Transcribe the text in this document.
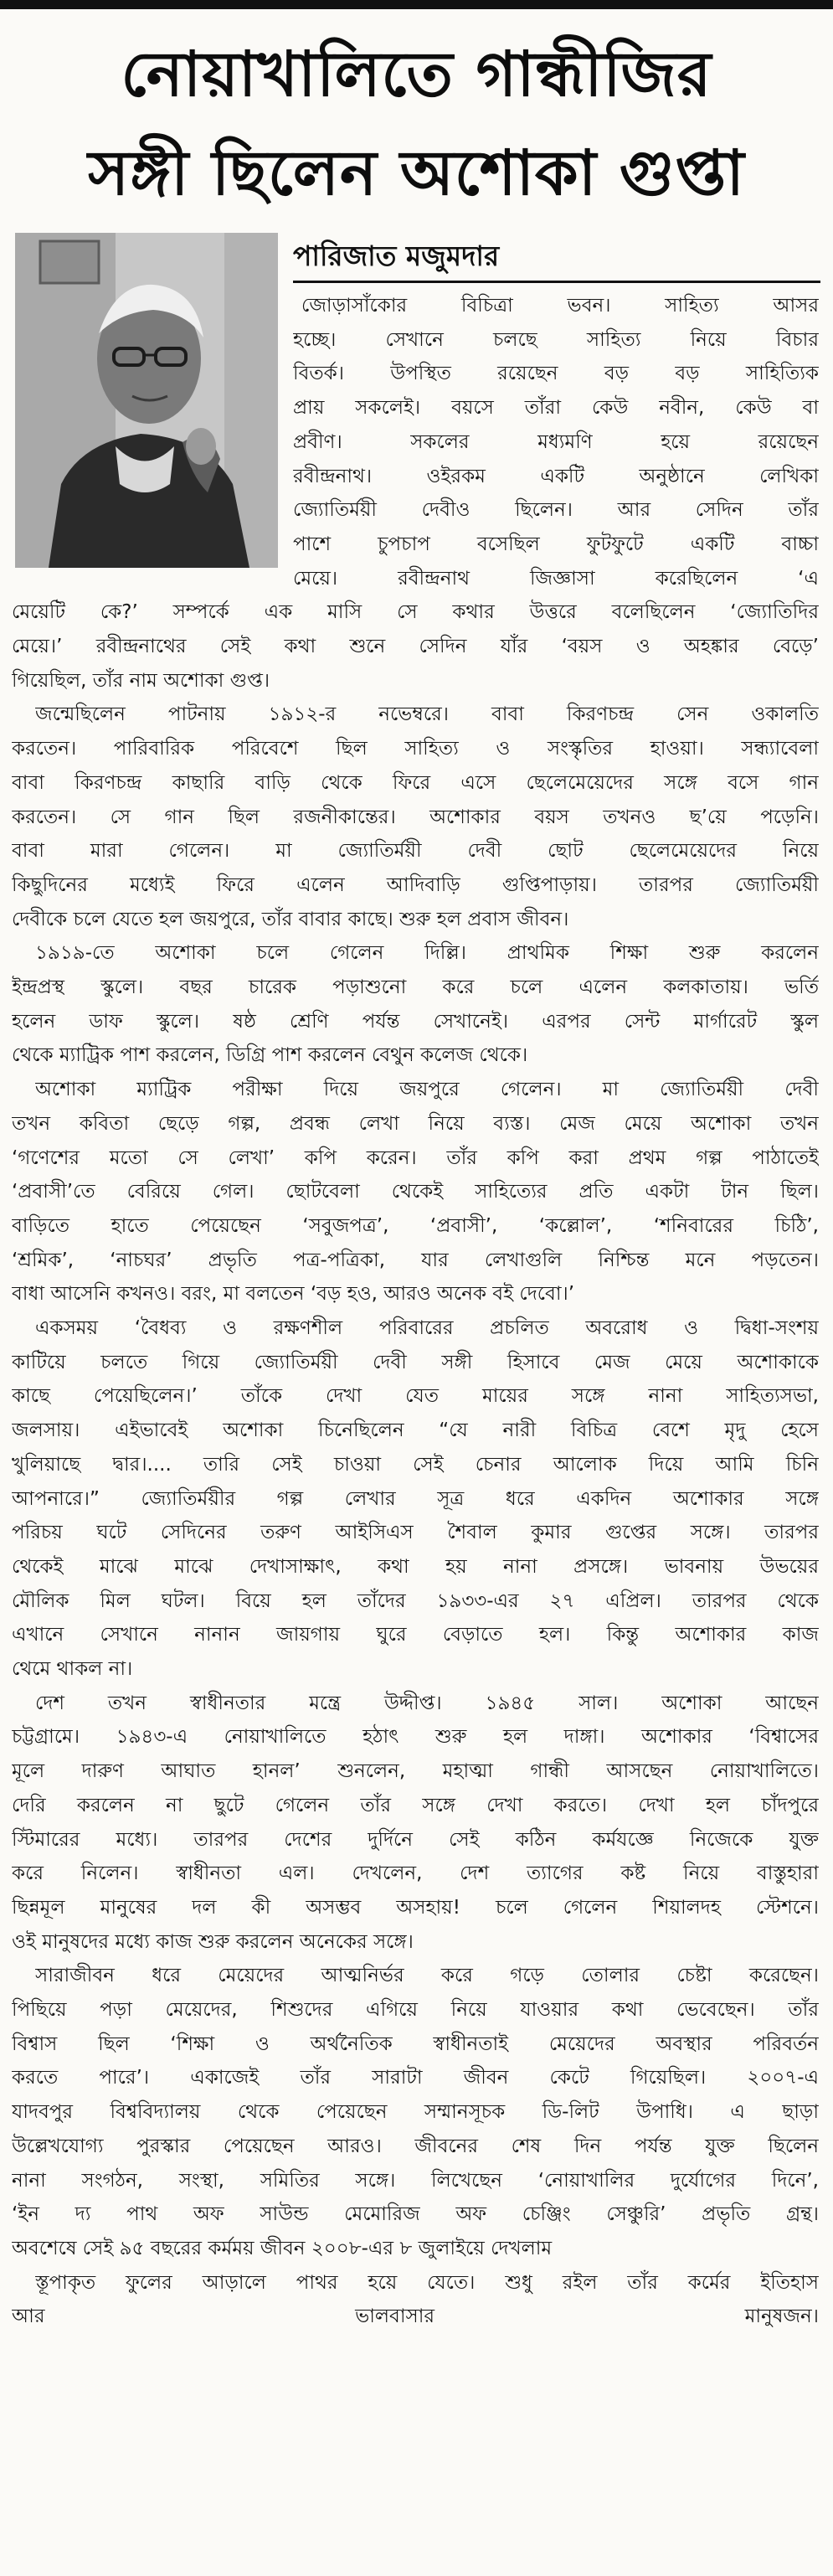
নোয়াখালিতে গান্ধীজির
সঙ্গী ছিলেন অশোকা গুপ্তা
পারিজাত মজুমদার
জোড়াসাঁকোর বিচিত্রা ভবন। সাহিত্য আসর
হচ্ছে। সেখানে চলছে সাহিত্য নিয়ে বিচার
বিতর্ক। উপস্থিত রয়েছেন বড় বড় সাহিত্যিক
প্রায় সকলেই। বয়সে তাঁরা কেউ নবীন, কেউ বা
প্রবীণ। সকলের মধ্যমণি হয়ে রয়েছেন
রবীন্দ্রনাথ। ওইরকম একটি অনুষ্ঠানে লেখিকা
জ্যোতির্ময়ী দেবীও ছিলেন। আর সেদিন তাঁর
পাশে চুপচাপ বসেছিল ফুটফুটে একটি বাচ্চা
মেয়ে। রবীন্দ্রনাথ জিজ্ঞাসা করেছিলেন ‘এ
মেয়েটি কে?’ সম্পর্কে এক মাসি সে কথার উত্তরে বলেছিলেন ‘জ্যোতিদির
মেয়ে।’ রবীন্দ্রনাথের সেই কথা শুনে সেদিন যাঁর ‘বয়স ও অহঙ্কার বেড়ে’
গিয়েছিল, তাঁর নাম অশোকা গুপ্ত।
জন্মেছিলেন পাটনায় ১৯১২-র নভেম্বরে। বাবা কিরণচন্দ্র সেন ওকালতি
করতেন। পারিবারিক পরিবেশে ছিল সাহিত্য ও সংস্কৃতির হাওয়া। সন্ধ্যাবেলা
বাবা কিরণচন্দ্র কাছারি বাড়ি থেকে ফিরে এসে ছেলেমেয়েদের সঙ্গে বসে গান
করতেন। সে গান ছিল রজনীকান্তের। অশোকার বয়স তখনও ছ’য়ে পড়েনি।
বাবা মারা গেলেন। মা জ্যোতির্ময়ী দেবী ছোট ছেলেমেয়েদের নিয়ে
কিছুদিনের মধ্যেই ফিরে এলেন আদিবাড়ি গুপ্তিপাড়ায়। তারপর জ্যোতির্ময়ী
দেবীকে চলে যেতে হল জয়পুরে, তাঁর বাবার কাছে। শুরু হল প্রবাস জীবন।
১৯১৯-তে অশোকা চলে গেলেন দিল্লি। প্রাথমিক শিক্ষা শুরু করলেন
ইন্দ্রপ্রস্থ স্কুলে। বছর চারেক পড়াশুনো করে চলে এলেন কলকাতায়। ভর্তি
হলেন ডাফ স্কুলে। ষষ্ঠ শ্রেণি পর্যন্ত সেখানেই। এরপর সেন্ট মার্গারেট স্কুল
থেকে ম্যাট্রিক পাশ করলেন, ডিগ্রি পাশ করলেন বেথুন কলেজ থেকে।
অশোকা ম্যাট্রিক পরীক্ষা দিয়ে জয়পুরে গেলেন। মা জ্যোতির্ময়ী দেবী
তখন কবিতা ছেড়ে গল্প, প্রবন্ধ লেখা নিয়ে ব্যস্ত। মেজ মেয়ে অশোকা তখন
‘গণেশের মতো সে লেখা’ কপি করেন। তাঁর কপি করা প্রথম গল্প পাঠাতেই
‘প্রবাসী’তে বেরিয়ে গেল। ছোটবেলা থেকেই সাহিত্যের প্রতি একটা টান ছিল।
বাড়িতে হাতে পেয়েছেন ‘সবুজপত্র’, ‘প্রবাসী’, ‘কল্লোল’, ‘শনিবারের চিঠি’,
‘শ্রমিক’, ‘নাচঘর’ প্রভৃতি পত্র-পত্রিকা, যার লেখাগুলি নিশ্চিন্ত মনে পড়তেন।
বাধা আসেনি কখনও। বরং, মা বলতেন ‘বড় হও, আরও অনেক বই দেবো।’
একসময় ‘বৈধব্য ও রক্ষণশীল পরিবারের প্রচলিত অবরোধ ও দ্বিধা-সংশয়
কাটিয়ে চলতে গিয়ে জ্যোতির্ময়ী দেবী সঙ্গী হিসাবে মেজ মেয়ে অশোকাকে
কাছে পেয়েছিলেন।’ তাঁকে দেখা যেত মায়ের সঙ্গে নানা সাহিত্যসভা,
জলসায়। এইভাবেই অশোকা চিনেছিলেন “যে নারী বিচিত্র বেশে মৃদু হেসে
খুলিয়াছে দ্বার।.... তারি সেই চাওয়া সেই চেনার আলোক দিয়ে আমি চিনি
আপনারে।” জ্যোতির্ময়ীর গল্প লেখার সূত্র ধরে একদিন অশোকার সঙ্গে
পরিচয় ঘটে সেদিনের তরুণ আইসিএস শৈবাল কুমার গুপ্তের সঙ্গে। তারপর
থেকেই মাঝে মাঝে দেখাসাক্ষাৎ, কথা হয় নানা প্রসঙ্গে। ভাবনায় উভয়ের
মৌলিক মিল ঘটল। বিয়ে হল তাঁদের ১৯৩৩-এর ২৭ এপ্রিল। তারপর থেকে
এখানে সেখানে নানান জায়গায় ঘুরে বেড়াতে হল। কিন্তু অশোকার কাজ
থেমে থাকল না।
দেশ তখন স্বাধীনতার মন্ত্রে উদ্দীপ্ত। ১৯৪৫ সাল। অশোকা আছেন
চট্টগ্রামে। ১৯৪৩-এ নোয়াখালিতে হঠাৎ শুরু হল দাঙ্গা। অশোকার ‘বিশ্বাসের
মূলে দারুণ আঘাত হানল’ শুনলেন, মহাত্মা গান্ধী আসছেন নোয়াখালিতে।
দেরি করলেন না ছুটে গেলেন তাঁর সঙ্গে দেখা করতে। দেখা হল চাঁদপুরে
স্টিমারের মধ্যে। তারপর দেশের দুর্দিনে সেই কঠিন কর্মযজ্ঞে নিজেকে যুক্ত
করে নিলেন। স্বাধীনতা এল। দেখলেন, দেশ ত্যাগের কষ্ট নিয়ে বাস্তুহারা
ছিন্নমূল মানুষের দল কী অসম্ভব অসহায়! চলে গেলেন শিয়ালদহ স্টেশনে।
ওই মানুষদের মধ্যে কাজ শুরু করলেন অনেকের সঙ্গে।
সারাজীবন ধরে মেয়েদের আত্মনির্ভর করে গড়ে তোলার চেষ্টা করেছেন।
পিছিয়ে পড়া মেয়েদের, শিশুদের এগিয়ে নিয়ে যাওয়ার কথা ভেবেছেন। তাঁর
বিশ্বাস ছিল ‘শিক্ষা ও অর্থনৈতিক স্বাধীনতাই মেয়েদের অবস্থার পরিবর্তন
করতে পারে’। একাজেই তাঁর সারাটা জীবন কেটে গিয়েছিল। ২০০৭-এ
যাদবপুর বিশ্ববিদ্যালয় থেকে পেয়েছেন সম্মানসূচক ডি-লিট উপাধি। এ ছাড়া
উল্লেখযোগ্য পুরস্কার পেয়েছেন আরও। জীবনের শেষ দিন পর্যন্ত যুক্ত ছিলেন
নানা সংগঠন, সংস্থা, সমিতির সঙ্গে। লিখেছেন ‘নোয়াখালির দুর্যোগের দিনে’,
‘ইন দ্য পাথ অফ সাউন্ড মেমোরিজ অফ চেঞ্জিং সেঞ্চুরি’ প্রভৃতি গ্রন্থ।
অবশেষে সেই ৯৫ বছরের কর্মময় জীবন ২০০৮-এর ৮ জুলাইয়ে দেখলাম
স্তূপাকৃত ফুলের আড়ালে পাথর হয়ে যেতে। শুধু রইল তাঁর কর্মের ইতিহাস
আর ভালবাসার মানুষজন।
